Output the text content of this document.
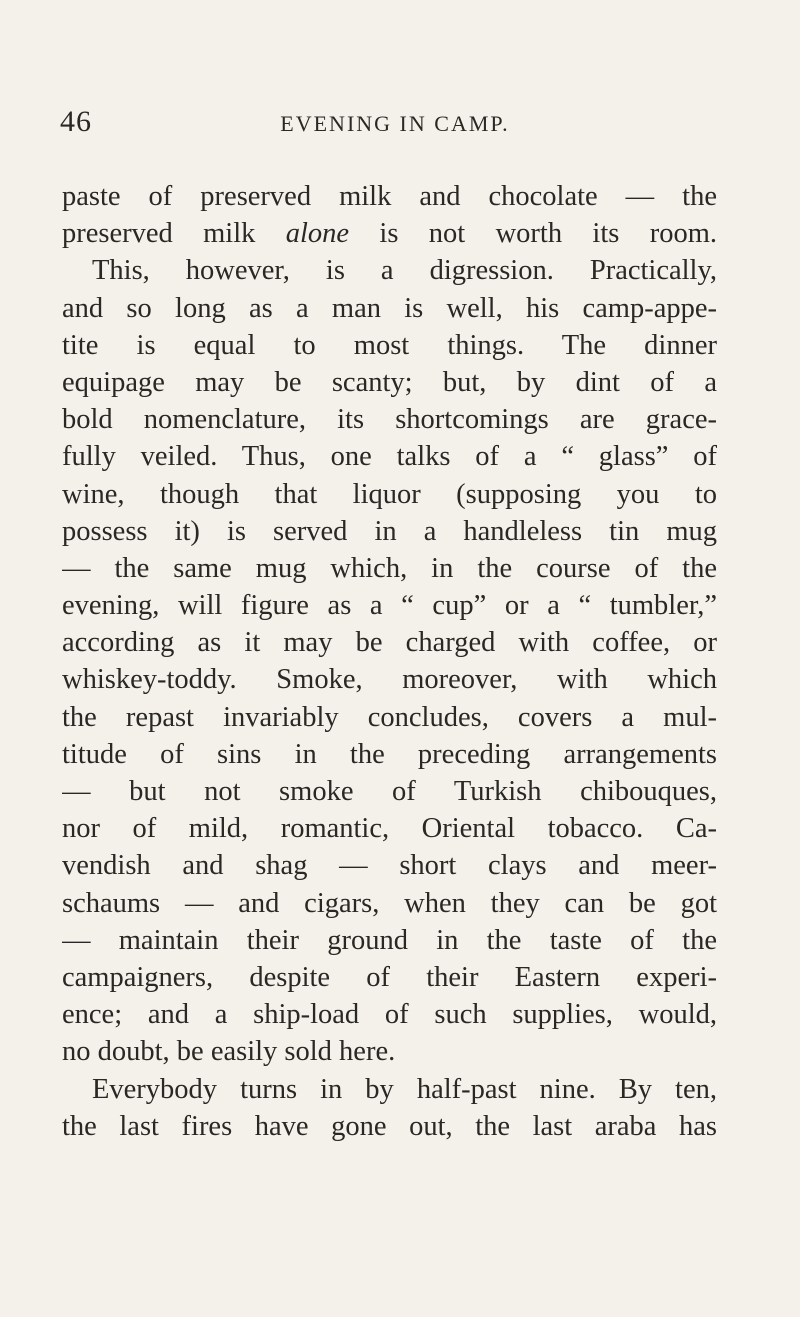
46	EVENING IN CAMP.
paste of preserved milk and chocolate — the
preserved milk alone is not worth its room.
This, however, is a digression. Practically,
and so long as a man is well, his camp-appe-
tite is equal to most things. The dinner
equipage may be scanty; but, by dint of a
bold nomenclature, its shortcomings are grace-
fully veiled. Thus, one talks of a “ glass” of
wine, though that liquor (supposing you to
possess it) is served in a handleless tin mug
— the same mug which, in the course of the
evening, will figure as a “ cup” or a “ tumbler,”
according as it may be charged with coffee, or
whiskey-toddy. Smoke, moreover, with which
the repast invariably concludes, covers a mul-
titude of sins in the preceding arrangements
— but not smoke of Turkish chibouques,
nor of mild, romantic, Oriental tobacco. Ca-
vendish and shag — short clays and meer-
schaums — and cigars, when they can be got
— maintain their ground in the taste of the
campaigners, despite of their Eastern experi-
ence; and a ship-load of such supplies, would,
no doubt, be easily sold here.
Everybody turns in by half-past nine. By ten,
the last fires have gone out, the last araba has
